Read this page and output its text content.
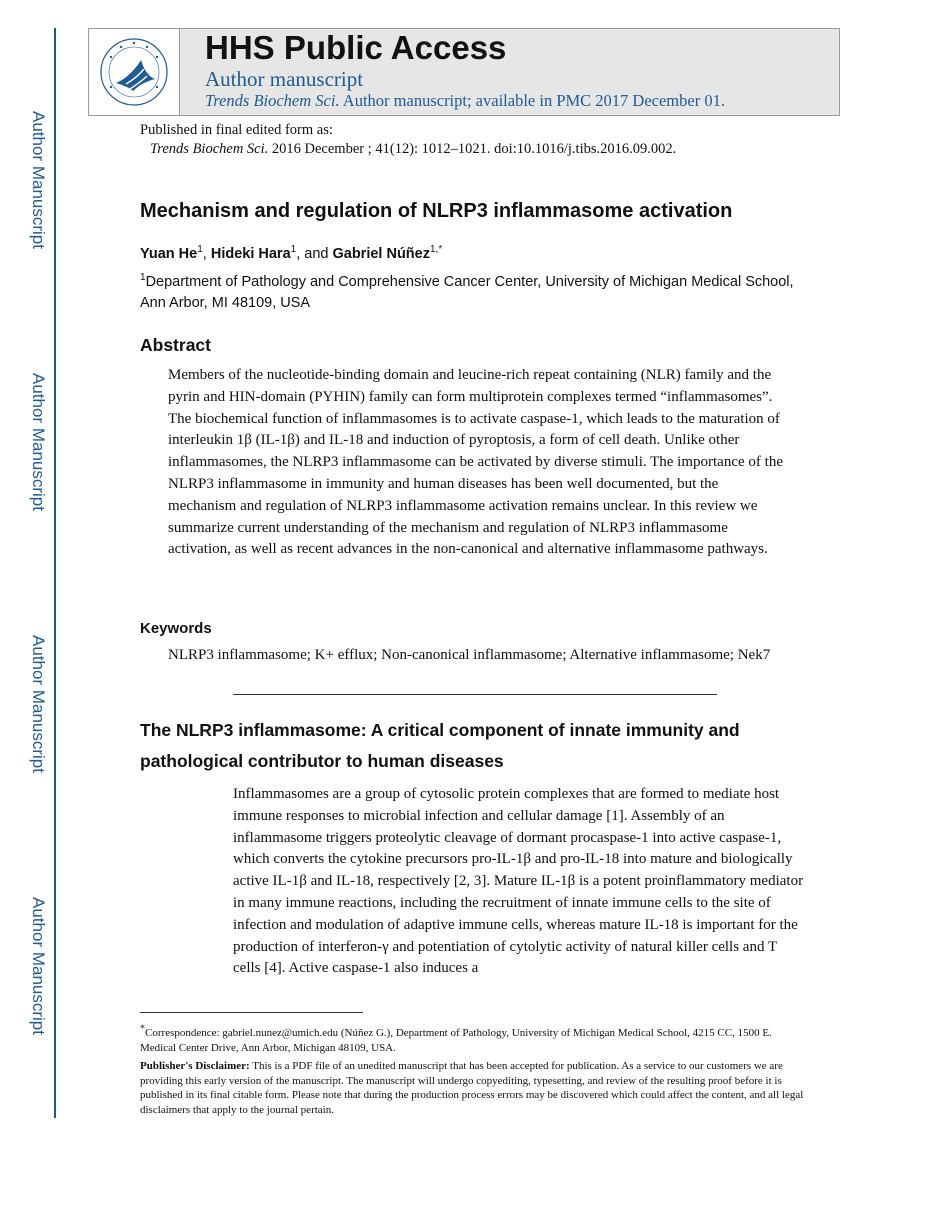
Author Manuscript
Author Manuscript
Author Manuscript
Author Manuscript
HHS Public Access
Author manuscript
Trends Biochem Sci. Author manuscript; available in PMC 2017 December 01.
Published in final edited form as:
Trends Biochem Sci. 2016 December ; 41(12): 1012–1021. doi:10.1016/j.tibs.2016.09.002.
Mechanism and regulation of NLRP3 inflammasome activation
Yuan He$^1$, Hideki Hara$^1$, and Gabriel Núñez$^{1,*}$
$^1$Department of Pathology and Comprehensive Cancer Center, University of Michigan Medical School, Ann Arbor, MI 48109, USA
Abstract
Members of the nucleotide-binding domain and leucine-rich repeat containing (NLR) family and the pyrin and HIN-domain (PYHIN) family can form multiprotein complexes termed “inflammasomes”. The biochemical function of inflammasomes is to activate caspase-1, which leads to the maturation of interleukin 1β (IL-1β) and IL-18 and induction of pyroptosis, a form of cell death. Unlike other inflammasomes, the NLRP3 inflammasome can be activated by diverse stimuli. The importance of the NLRP3 inflammasome in immunity and human diseases has been well documented, but the mechanism and regulation of NLRP3 inflammasome activation remains unclear. In this review we summarize current understanding of the mechanism and regulation of NLRP3 inflammasome activation, as well as recent advances in the non-canonical and alternative inflammasome pathways.
Keywords
NLRP3 inflammasome; K+ efflux; Non-canonical inflammasome; Alternative inflammasome; Nek7
The NLRP3 inflammasome: A critical component of innate immunity and pathological contributor to human diseases
Inflammasomes are a group of cytosolic protein complexes that are formed to mediate host immune responses to microbial infection and cellular damage [1]. Assembly of an inflammasome triggers proteolytic cleavage of dormant procaspase-1 into active caspase-1, which converts the cytokine precursors pro-IL-1β and pro-IL-18 into mature and biologically active IL-1β and IL-18, respectively [2, 3]. Mature IL-1β is a potent proinflammatory mediator in many immune reactions, including the recruitment of innate immune cells to the site of infection and modulation of adaptive immune cells, whereas mature IL-18 is important for the production of interferon-γ and potentiation of cytolytic activity of natural killer cells and T cells [4]. Active caspase-1 also induces a
*Correspondence: gabriel.nunez@umich.edu (Núñez G.), Department of Pathology, University of Michigan Medical School, 4215 CC, 1500 E. Medical Center Drive, Ann Arbor, Michigan 48109, USA.
Publisher's Disclaimer: This is a PDF file of an unedited manuscript that has been accepted for publication. As a service to our customers we are providing this early version of the manuscript. The manuscript will undergo copyediting, typesetting, and review of the resulting proof before it is published in its final citable form. Please note that during the production process errors may be discovered which could affect the content, and all legal disclaimers that apply to the journal pertain.
